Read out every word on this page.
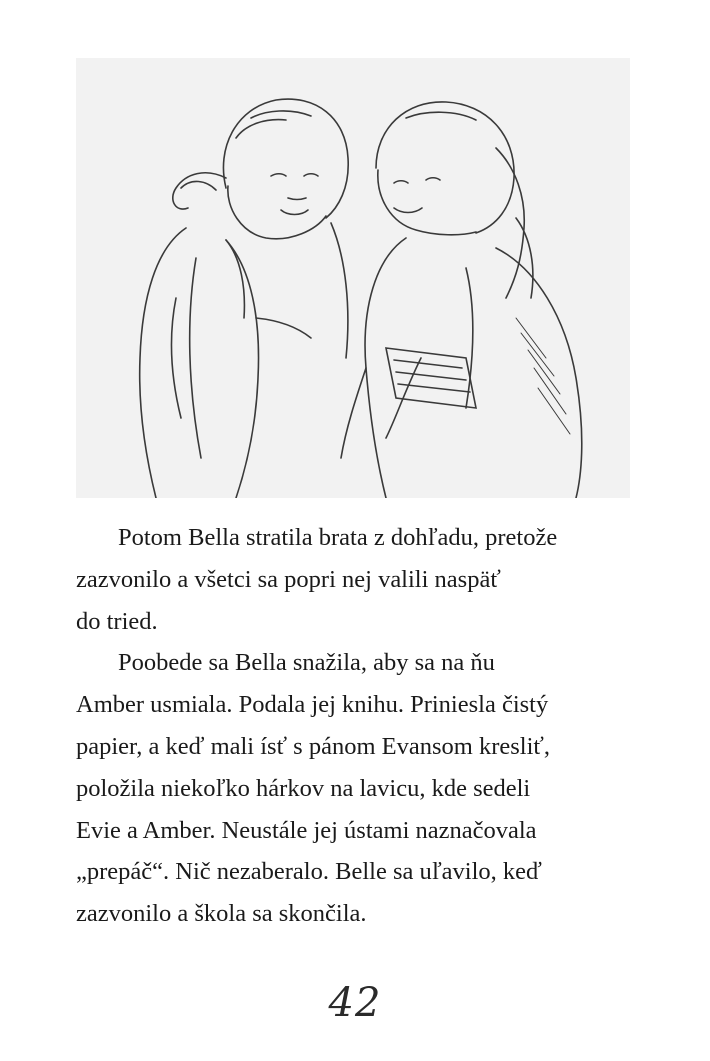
Potom Bella stratila brata z dohľadu, pretože
zazvonilo a všetci sa popri nej valili naspäť
do tried.
Poobede sa Bella snažila, aby sa na ňu
Amber usmiala. Podala jej knihu. Priniesla čistý
papier, a keď mali ísť s pánom Evansom kresliť,
položila niekoľko hárkov na lavicu, kde sedeli
Evie a Amber. Neustále jej ústami naznačovala
„prepáč“. Nič nezaberalo. Belle sa uľavilo, keď
zazvonilo a škola sa skončila.
42
